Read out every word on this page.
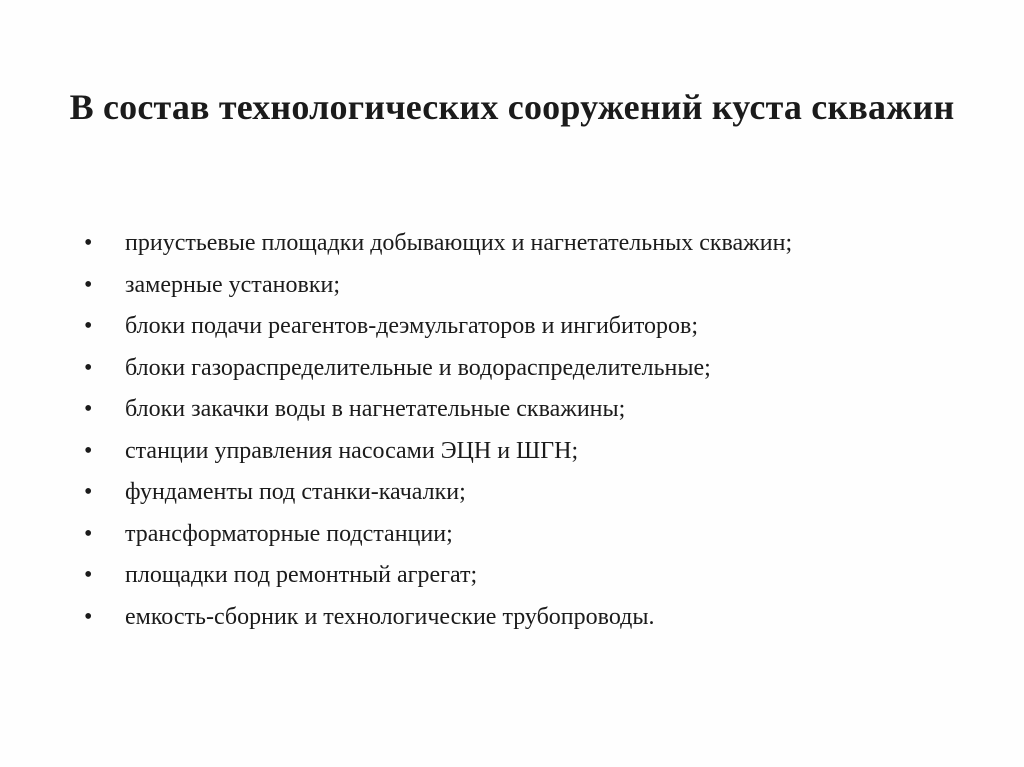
В состав технологических сооружений куста скважин
•	приустьевые площадки добывающих и нагнетательных скважин;
•	замерные установки;
•	блоки подачи реагентов-деэмульгаторов и ингибиторов;
•	блоки газораспределительные и водораспределительные;
•	блоки закачки воды в нагнетательные скважины;
•	станции управления насосами ЭЦН и ШГН;
•	фундаменты под станки-качалки;
•	трансформаторные подстанции;
•	площадки под ремонтный агрегат;
•	емкость-сборник и технологические трубопроводы.
